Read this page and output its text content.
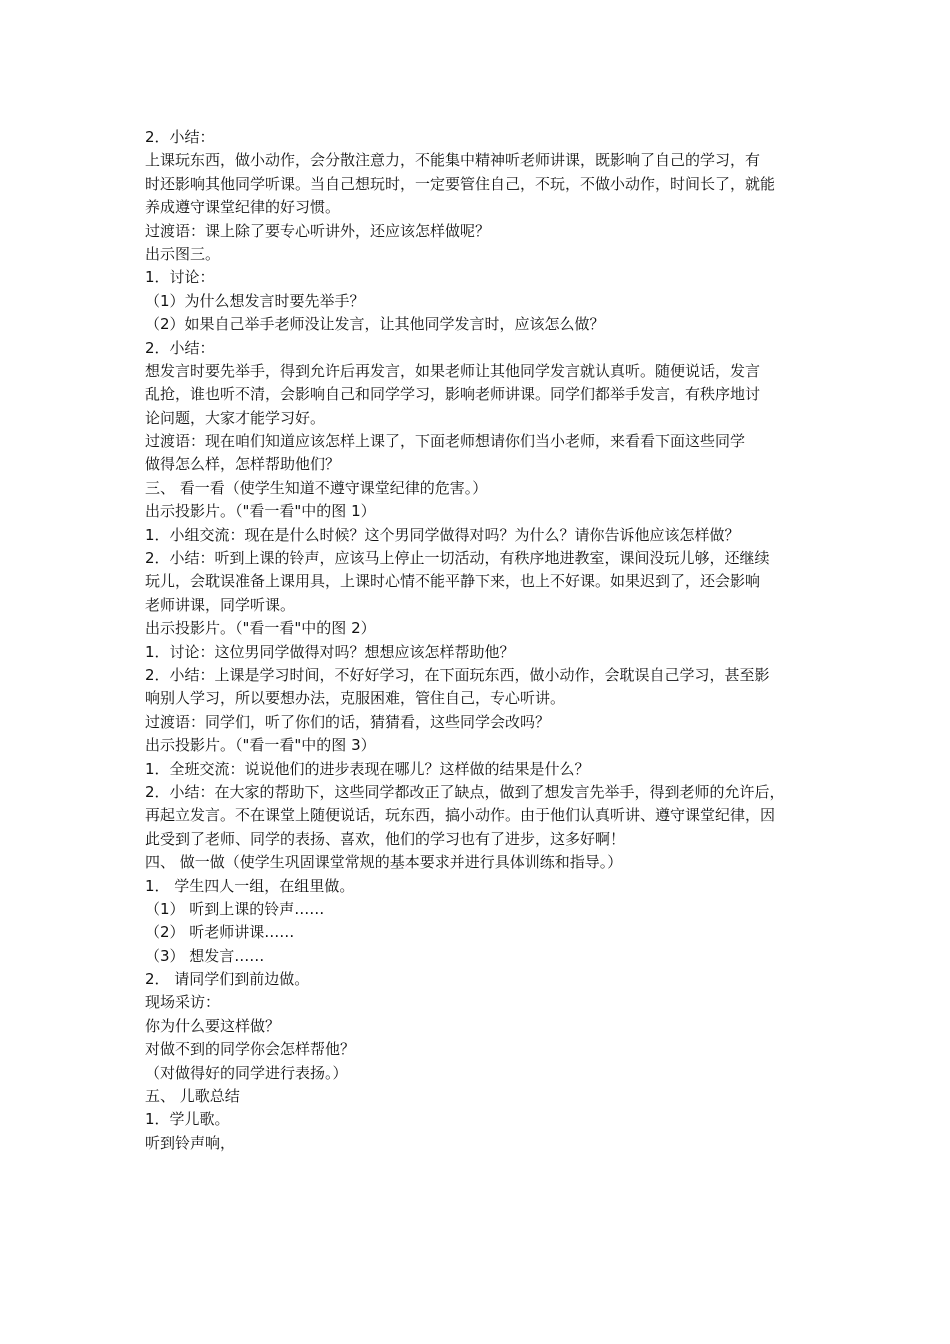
2．小结：
上课玩东西，做小动作，会分散注意力，不能集中精神听老师讲课，既影响了自己的学习，有
时还影响其他同学听课。当自己想玩时，一定要管住自己，不玩，不做小动作，时间长了，就能
养成遵守课堂纪律的好习惯。
过渡语：课上除了要专心听讲外，还应该怎样做呢？
出示图三。
1．讨论：
（1）为什么想发言时要先举手？
（2）如果自己举手老师没让发言，让其他同学发言时，应该怎么做？
2．小结：
想发言时要先举手，得到允许后再发言，如果老师让其他同学发言就认真听。随便说话，发言
乱抢，谁也听不清，会影响自己和同学学习，影响老师讲课。同学们都举手发言，有秩序地讨
论问题，大家才能学习好。
过渡语：现在咱们知道应该怎样上课了，下面老师想请你们当小老师，来看看下面这些同学
做得怎么样，怎样帮助他们？
三、 看一看（使学生知道不遵守课堂纪律的危害。）
出示投影片。（"看一看"中的图 1）
1．小组交流：现在是什么时候？这个男同学做得对吗？为什么？请你告诉他应该怎样做？
2．小结：听到上课的铃声，应该马上停止一切活动，有秩序地进教室，课间没玩儿够，还继续
玩儿，会耽误准备上课用具，上课时心情不能平静下来，也上不好课。如果迟到了，还会影响
老师讲课，同学听课。
出示投影片。（"看一看"中的图 2）
1．讨论：这位男同学做得对吗？想想应该怎样帮助他？
2．小结：上课是学习时间，不好好学习，在下面玩东西，做小动作，会耽误自己学习，甚至影
响别人学习，所以要想办法，克服困难，管住自己，专心听讲。
过渡语：同学们，听了你们的话，猜猜看，这些同学会改吗？
出示投影片。（"看一看"中的图 3）
1．全班交流：说说他们的进步表现在哪儿？这样做的结果是什么？
2．小结：在大家的帮助下，这些同学都改正了缺点，做到了想发言先举手，得到老师的允许后，
再起立发言。不在课堂上随便说话，玩东西，搞小动作。由于他们认真听讲、遵守课堂纪律，因
此受到了老师、同学的表扬、喜欢，他们的学习也有了进步，这多好啊！
四、 做一做（使学生巩固课堂常规的基本要求并进行具体训练和指导。）
1． 学生四人一组，在组里做。
（1） 听到上课的铃声……
（2） 听老师讲课……
（3） 想发言……
2． 请同学们到前边做。
现场采访：
你为什么要这样做？
对做不到的同学你会怎样帮他？
（对做得好的同学进行表扬。）
五、 儿歌总结
1．学儿歌。
听到铃声响，
